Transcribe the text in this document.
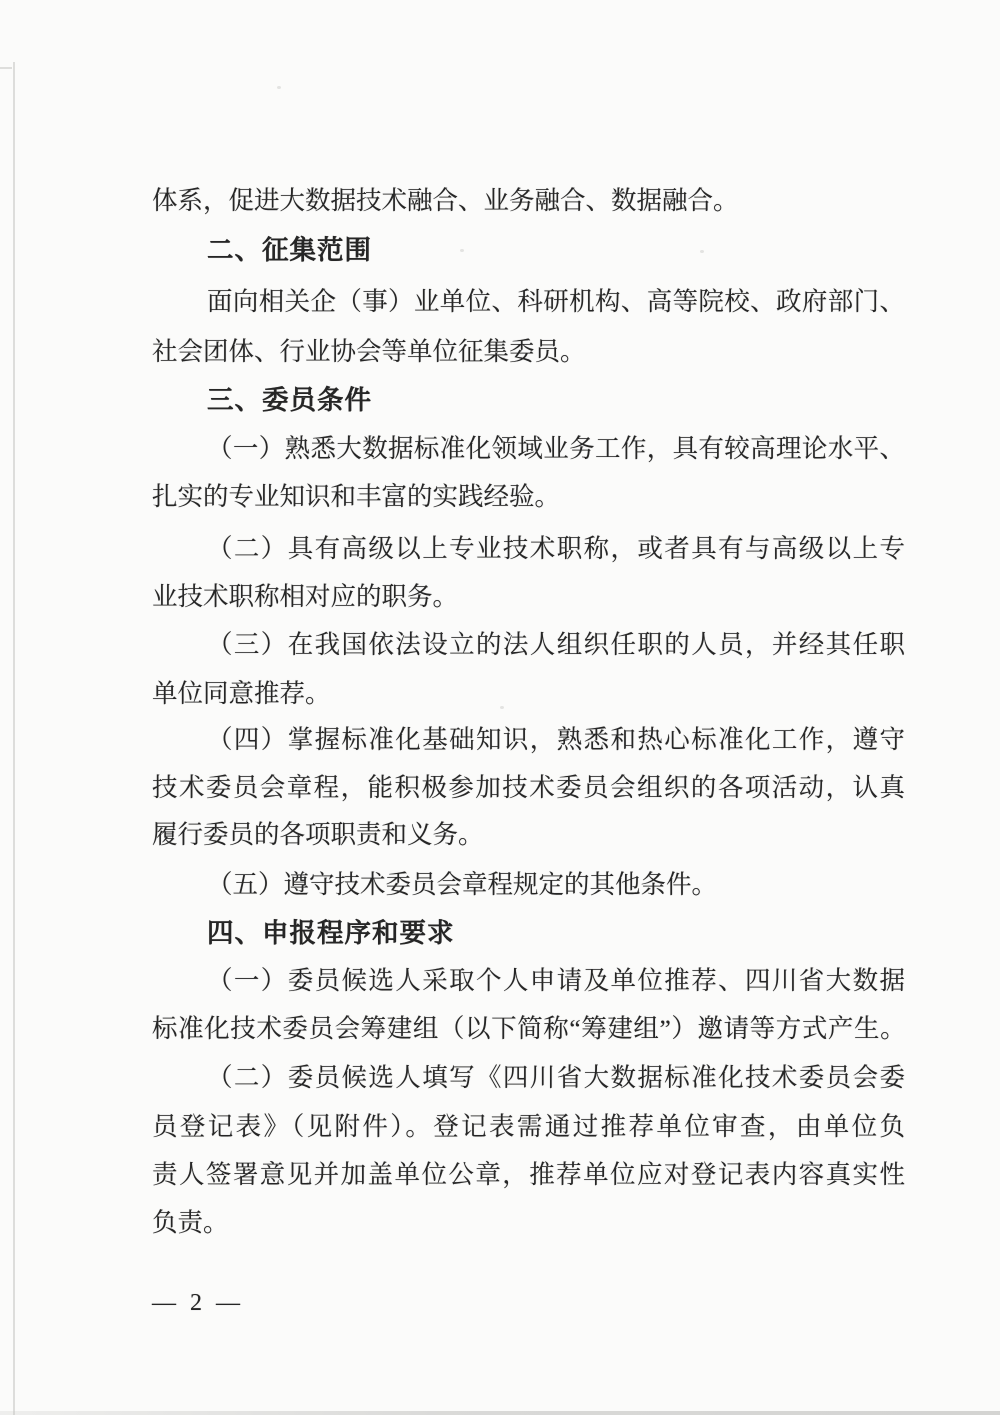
体系，促进大数据技术融合、业务融合、数据融合。
二、征集范围
面向相关企（事）业单位、科研机构、高等院校、政府部门、
社会团体、行业协会等单位征集委员。
三、委员条件
（一）熟悉大数据标准化领域业务工作，具有较高理论水平、
扎实的专业知识和丰富的实践经验。
（二）具有高级以上专业技术职称，或者具有与高级以上专
业技术职称相对应的职务。
（三）在我国依法设立的法人组织任职的人员，并经其任职
单位同意推荐。
（四）掌握标准化基础知识，熟悉和热心标准化工作，遵守
技术委员会章程，能积极参加技术委员会组织的各项活动，认真
履行委员的各项职责和义务。
（五）遵守技术委员会章程规定的其他条件。
四、申报程序和要求
（一）委员候选人采取个人申请及单位推荐、四川省大数据
标准化技术委员会筹建组（以下简称“筹建组”）邀请等方式产生。
（二）委员候选人填写《四川省大数据标准化技术委员会委
员登记表》（见附件）。登记表需通过推荐单位审查，由单位负
责人签署意见并加盖单位公章，推荐单位应对登记表内容真实性
负责。
— 2 —
